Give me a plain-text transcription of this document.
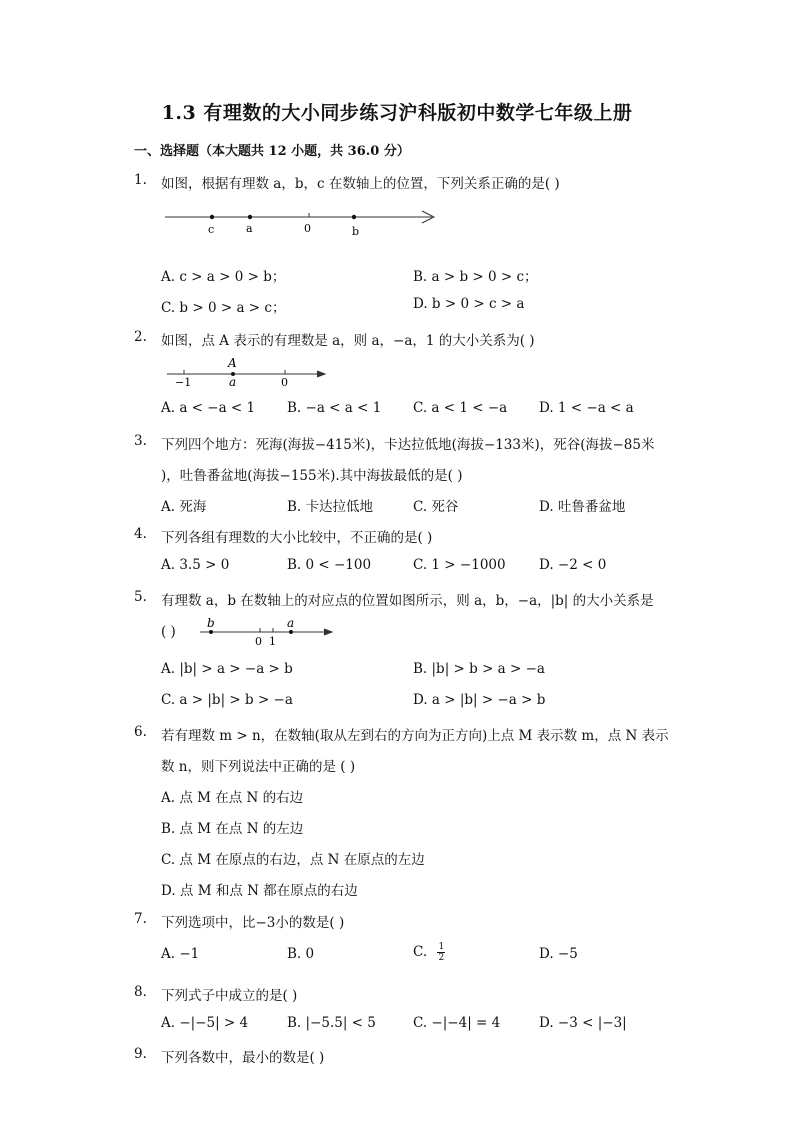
1.3 有理数的大小同步练习沪科版初中数学七年级上册
一、选择题（本大题共 12 小题，共 36.0 分）
1. 如图，根据有理数 a，b，c 在数轴上的位置，下列关系正确的是( )
c	a	0	b
A. c > a > 0 > b；	B. a > b > 0 > c；
C. b > 0 > a > c；	D. b > 0 > c > a
2. 如图，点 A 表示的有理数是 a，则 a，−a，1 的大小关系为( )
A
−1	a	0
A. a < −a < 1 B. −a < a < 1 C. a < 1 < −a D. 1 < −a < a
3. 下列四个地方：死海(海拔−415米)，卡达拉低地(海拔−133米)，死谷(海拔−85米
)，吐鲁番盆地(海拔−155米).其中海拔最低的是( )
A. 死海	B. 卡达拉低地	C. 死谷	D. 吐鲁番盆地
4. 下列各组有理数的大小比较中，不正确的是( )
A. 3.5 > 0	B. 0 < −100	C. 1 > −1000 D. −2 < 0
5. 有理数 a，b 在数轴上的对应点的位置如图所示，则 a，b，−a，|b| 的大小关系是
( )
b
0 1
a
A. |b| > a > −a > b	B. |b| > b > a > −a
C. a > |b| > b > −a	D. a > |b| > −a > b
6. 若有理数 m > n，在数轴(取从左到右的方向为正方向)上点 M 表示数 m，点 N 表示
数 n，则下列说法中正确的是 ( )
A. 点 M 在点 N 的右边
B. 点 M 在点 N 的左边
C. 点 M 在原点的右边，点 N 在原点的左边
D. 点 M 和点 N 都在原点的右边
7. 下列选项中，比−3小的数是( )
A. −1	B. 0	C. $\frac{1}{2}$	D. −5
8. 下列式子中成立的是( )
A. −|−5| > 4	B. |−5.5| < 5	C. −|−4| = 4	D. −3 < |−3|
9. 下列各数中，最小的数是( )
